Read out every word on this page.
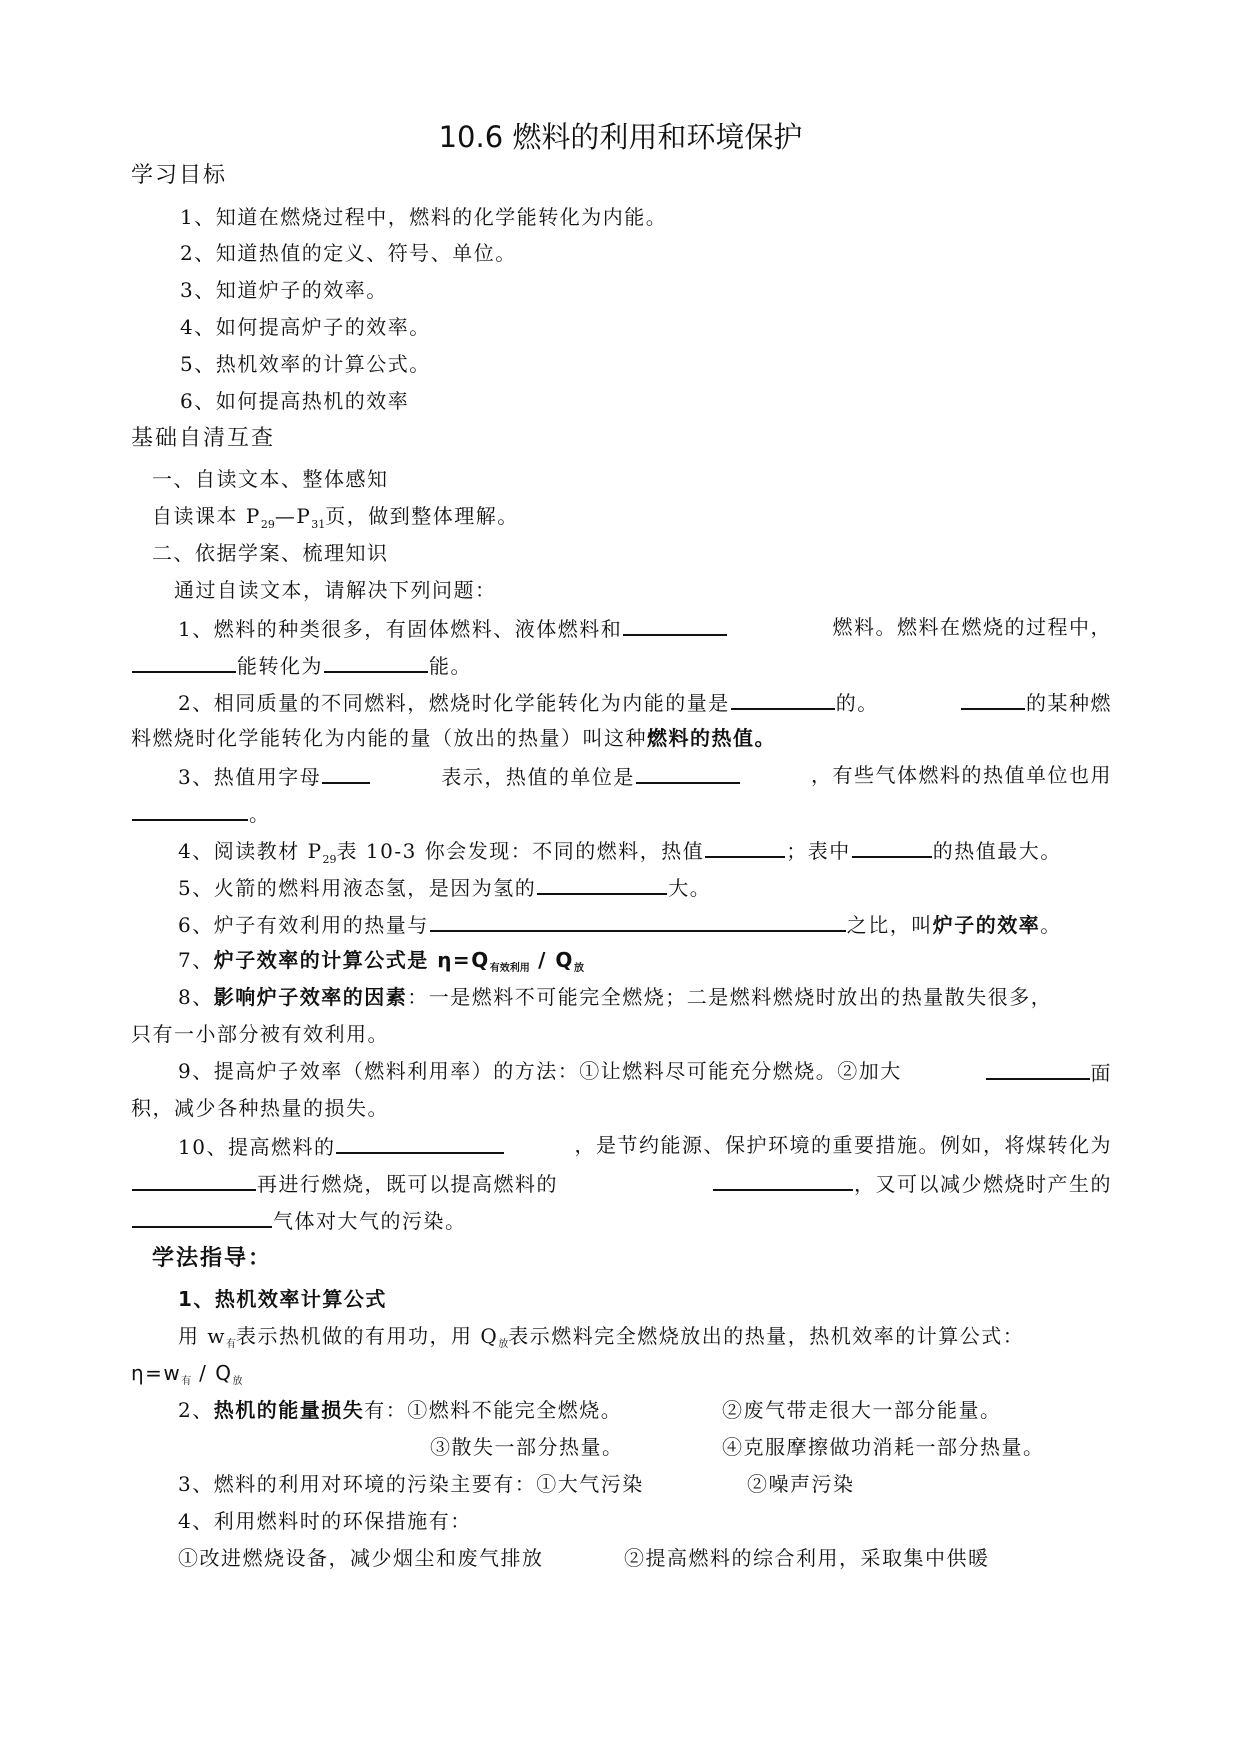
10.6 燃料的利用和环境保护
学习目标
1、知道在燃烧过程中，燃料的化学能转化为内能。
2、知道热值的定义、符号、单位。
3、知道炉子的效率。
4、如何提高炉子的效率。
5、热机效率的计算公式。
6、如何提高热机的效率
基础自清互查
一、自读文本、整体感知
自读课本 $P_{29}—P_{31}$页，做到整体理解。
二、依据学案、梳理知识
通过自读文本，请解决下列问题：
1、燃料的种类很多，有固体燃料、液体燃料和	燃料。燃料在燃烧的过程中，
能转化为	能。
2、相同质量的不同燃料，燃烧时化学能转化为内能的量是	的。	的某种燃
料燃烧时化学能转化为内能的量（放出的热量）叫这种燃料的热值。
3、热值用字母	表示，热值的单位是	，有些气体燃料的热值单位也用
。
4、阅读教材 $P_{29}$表 10-3 你会发现：不同的燃料，热值	；表中	的热值最大。
5、火箭的燃料用液态氢，是因为氢的	大。
6、炉子有效利用的热量与	之比，叫炉子的效率。
7、炉子效率的计算公式是 $\eta=Q_{有效利用} / Q_放$
8、影响炉子效率的因素：一是燃料不可能完全燃烧；二是燃料燃烧时放出的热量散失很多，
只有一小部分被有效利用。
9、提高炉子效率（燃料利用率）的方法：①让燃料尽可能充分燃烧。②加大	面
积，减少各种热量的损失。
10、提高燃料的	，是节约能源、保护环境的重要措施。例如，将煤转化为
再进行燃烧，既可以提高燃料的	，又可以减少燃烧时产生的
气体对大气的污染。
学法指导：
1、热机效率计算公式
用 $w_有$表示热机做的有用功，用 $Q_放$表示燃料完全燃烧放出的热量，热机效率的计算公式：
$\eta=w_有 / Q_放$
2、热机的能量损失有：①燃料不能完全燃烧。	②废气带走很大一部分能量。
③散失一部分热量。	④克服摩擦做功消耗一部分热量。
3、燃料的利用对环境的污染主要有：①大气污染	②噪声污染
4、利用燃料时的环保措施有：
①改进燃烧设备，减少烟尘和废气排放	②提高燃料的综合利用，采取集中供暖
